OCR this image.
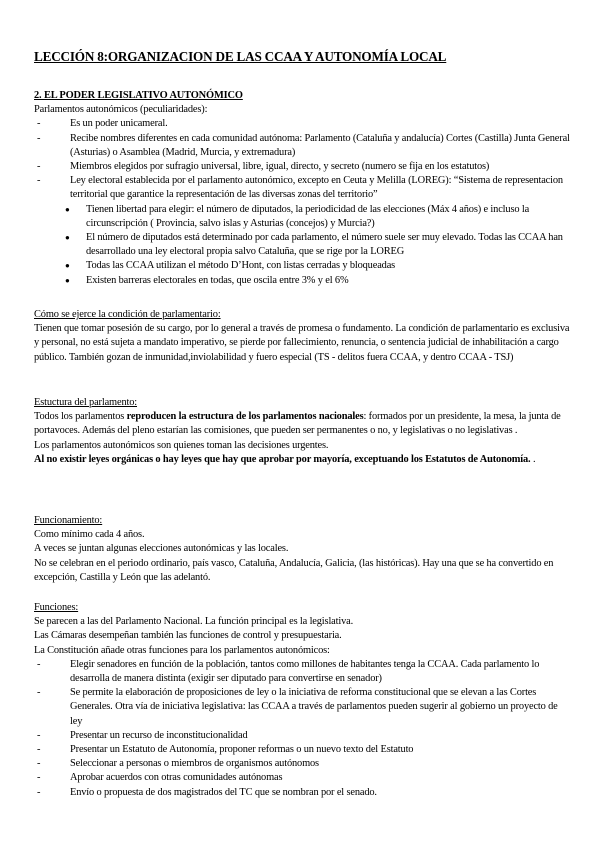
LECCIÓN 8:ORGANIZACION DE LAS CCAA Y AUTONOMÍA LOCAL

2. EL PODER LEGISLATIVO AUTONÓMICO

Parlamentos autonómicos (peculiaridades):

- Es un poder unicameral.
- Recibe nombres diferentes en cada comunidad autónoma: Parlamento (Cataluña y andalucía) Cortes (Castilla) Junta General (Asturias) o Asamblea (Madrid, Murcia, y extremadura)
- Miembros elegidos por sufragio universal, libre, igual, directo, y secreto (numero se fija en los estatutos)
- Ley electoral establecida por el parlamento autonómico, excepto en Ceuta y Melilla (LOREG): “Sistema de representacion territorial que garantice la representación de las diversas zonas del territorio”
● Tienen libertad para elegir: el número de diputados, la periodicidad de las elecciones (Máx 4 años) e incluso la circunscripción ( Provincia, salvo islas y Asturias (concejos) y Murcia?)
● El número de diputados está determinado por cada parlamento, el número suele ser muy elevado. Todas las CCAA han desarrollado una ley electoral propia salvo Cataluña, que se rige por la LOREG
● Todas las CCAA utilizan el método D’Hont, con listas cerradas y bloqueadas
● Existen barreras electorales en todas, que oscila entre 3% y el 6%

Cómo se ejerce la condición de parlamentario:

Tienen que tomar posesión de su cargo, por lo general a través de promesa o fundamento. La condición de parlamentario es exclusiva y personal, no está sujeta a mandato imperativo, se pierde por fallecimiento, renuncia, o sentencia judicial de inhabilitación a cargo público. También gozan de inmunidad,inviolabilidad y fuero especial (TS - delitos fuera CCAA, y dentro CCAA - TSJ)

Estuctura del parlamento:

Todos los parlamentos reproducen la estructura de los parlamentos nacionales: formados por un presidente, la mesa, la junta de portavoces. Además del pleno estarían las comisiones, que pueden ser permanentes o no, y legislativas o no legislativas .

Los parlamentos autonómicos son quienes toman las decisiones urgentes.

Al no existir leyes orgánicas o hay leyes que hay que aprobar por mayoría, exceptuando los Estatutos de Autonomía. .

Funcionamiento:

Como mínimo cada 4 años.

A veces se juntan algunas elecciones autonómicas y las locales.

No se celebran en el periodo ordinario, país vasco, Cataluña, Andalucía, Galicia, (las históricas). Hay una que se ha convertido en excepción, Castilla y León que las adelantó.

Funciones:

Se parecen a las del Parlamento Nacional. La función principal es la legislativa.

Las Cámaras desempeñan también las funciones de control y presupuestaria.

La Constitución añade otras funciones para los parlamentos autonómicos:

- Elegir senadores en función de la población, tantos como millones de habitantes tenga la CCAA. Cada parlamento lo desarrolla de manera distinta (exigir ser diputado para convertirse en senador)
- Se permite la elaboración de proposiciones de ley o la iniciativa de reforma constitucional que se elevan a las Cortes Generales. Otra vía de iniciativa legislativa: las CCAA a través de parlamentos pueden sugerir al gobierno un proyecto de ley
- Presentar un recurso de inconstitucionalidad
- Presentar un Estatuto de Autonomía, proponer reformas o un nuevo texto del Estatuto
- Seleccionar a personas o miembros de organismos autónomos
- Aprobar acuerdos con otras comunidades autónomas
- Envío o propuesta de dos magistrados del TC que se nombran por el senado.
